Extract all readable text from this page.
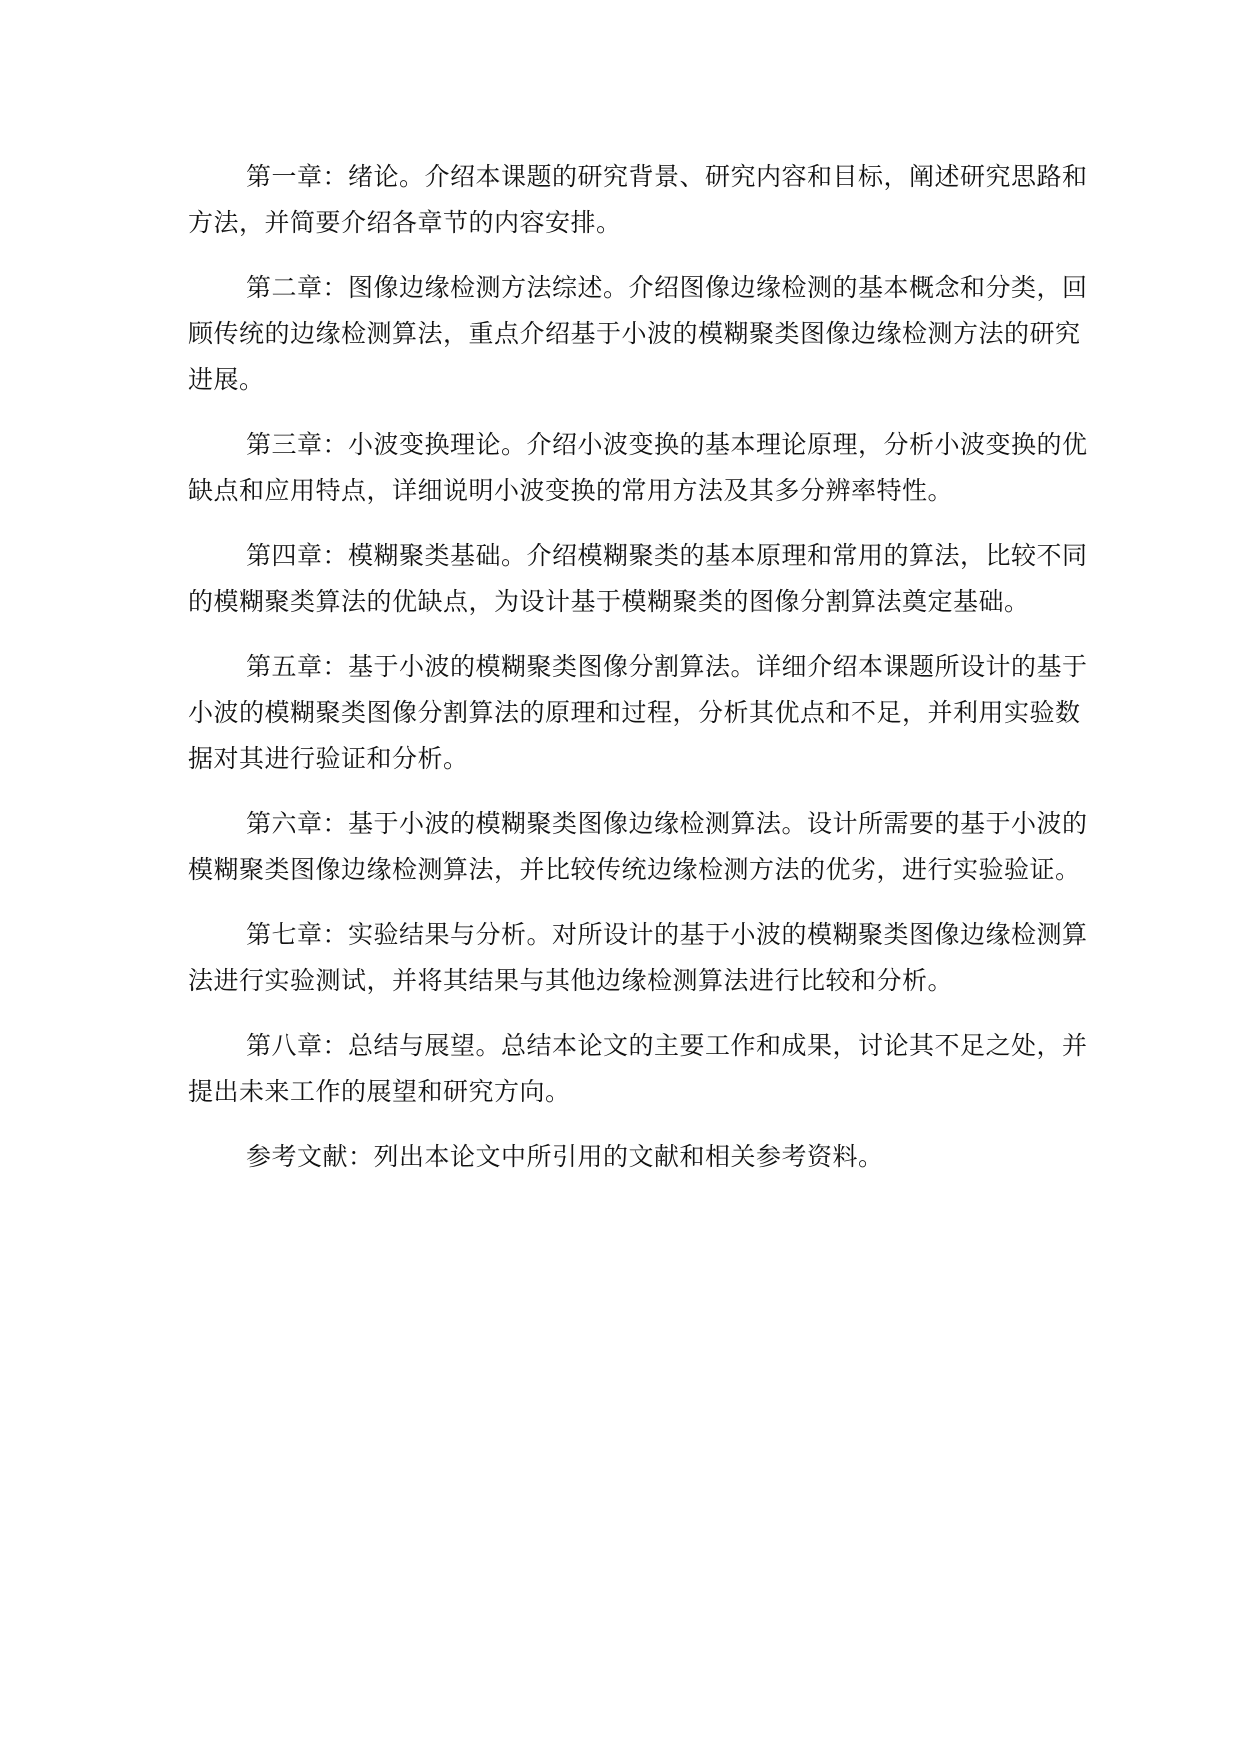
第一章：绪论。介绍本课题的研究背景、研究内容和目标，阐述研究思路和方法，并简要介绍各章节的内容安排。

第二章：图像边缘检测方法综述。介绍图像边缘检测的基本概念和分类，回顾传统的边缘检测算法，重点介绍基于小波的模糊聚类图像边缘检测方法的研究进展。

第三章：小波变换理论。介绍小波变换的基本理论原理，分析小波变换的优缺点和应用特点，详细说明小波变换的常用方法及其多分辨率特性。

第四章：模糊聚类基础。介绍模糊聚类的基本原理和常用的算法，比较不同的模糊聚类算法的优缺点，为设计基于模糊聚类的图像分割算法奠定基础。

第五章：基于小波的模糊聚类图像分割算法。详细介绍本课题所设计的基于小波的模糊聚类图像分割算法的原理和过程，分析其优点和不足，并利用实验数据对其进行验证和分析。

第六章：基于小波的模糊聚类图像边缘检测算法。设计所需要的基于小波的模糊聚类图像边缘检测算法，并比较传统边缘检测方法的优劣，进行实验验证。

第七章：实验结果与分析。对所设计的基于小波的模糊聚类图像边缘检测算法进行实验测试，并将其结果与其他边缘检测算法进行比较和分析。

第八章：总结与展望。总结本论文的主要工作和成果，讨论其不足之处，并提出未来工作的展望和研究方向。

参考文献：列出本论文中所引用的文献和相关参考资料。
